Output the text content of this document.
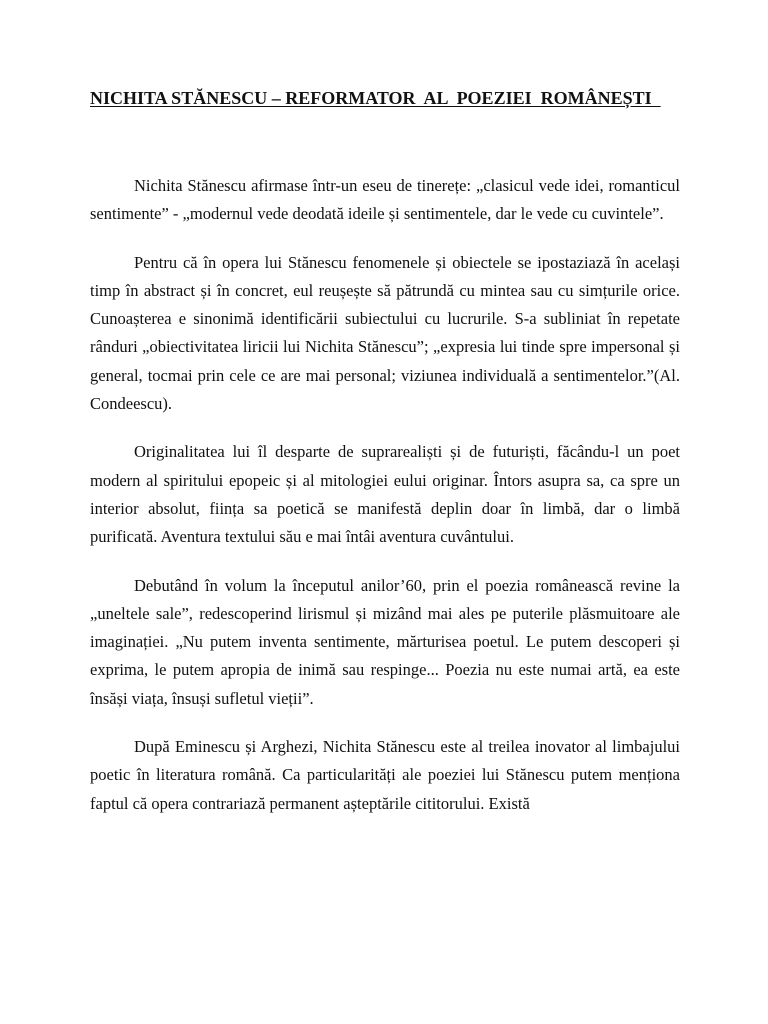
NICHITA STĂNESCU – REFORMATOR  AL  POEZIEI  ROMÂNEȘTI

Nichita Stănescu afirmase într-un eseu de tinerețe: „clasicul vede idei, romanticul sentimente” - „modernul vede deodată ideile și sentimentele, dar le vede cu cuvintele”.

Pentru că în opera lui Stănescu fenomenele și obiectele se ipostaziază în același timp în abstract și în concret, eul reușește să pătrundă cu mintea sau cu simțurile orice. Cunoașterea e sinonimă identificării subiectului cu lucrurile. S-a subliniat în repetate rânduri „obiectivitatea liricii lui Nichita Stănescu”; „expresia lui tinde spre impersonal și general, tocmai prin cele ce are mai personal; viziunea individuală a sentimentelor.”(Al. Condeescu).

Originalitatea lui îl desparte de suprarealiști și de futuriști, făcându-l un poet modern al spiritului epopeic și al mitologiei eului originar. Întors asupra sa, ca spre un interior absolut, ființa sa poetică se manifestă deplin doar în limbă, dar o limbă purificată. Aventura textului său e mai întâi aventura cuvântului.

Debutând în volum la începutul anilor’60, prin el poezia românească revine la „uneltele sale”, redescoperind lirismul și mizând mai ales pe puterile plăsmuitoare ale imaginației. „Nu putem inventa sentimente, mărturisea poetul. Le putem descoperi și exprima, le putem apropia de inimă sau respinge... Poezia nu este numai artă, ea este însăși viața, însuși sufletul vieții”.

După Eminescu și Arghezi, Nichita Stănescu este al treilea inovator al limbajului poetic în literatura română. Ca particularități ale poeziei lui Stănescu putem menționa faptul că opera contrariază permanent așteptările cititorului. Există
